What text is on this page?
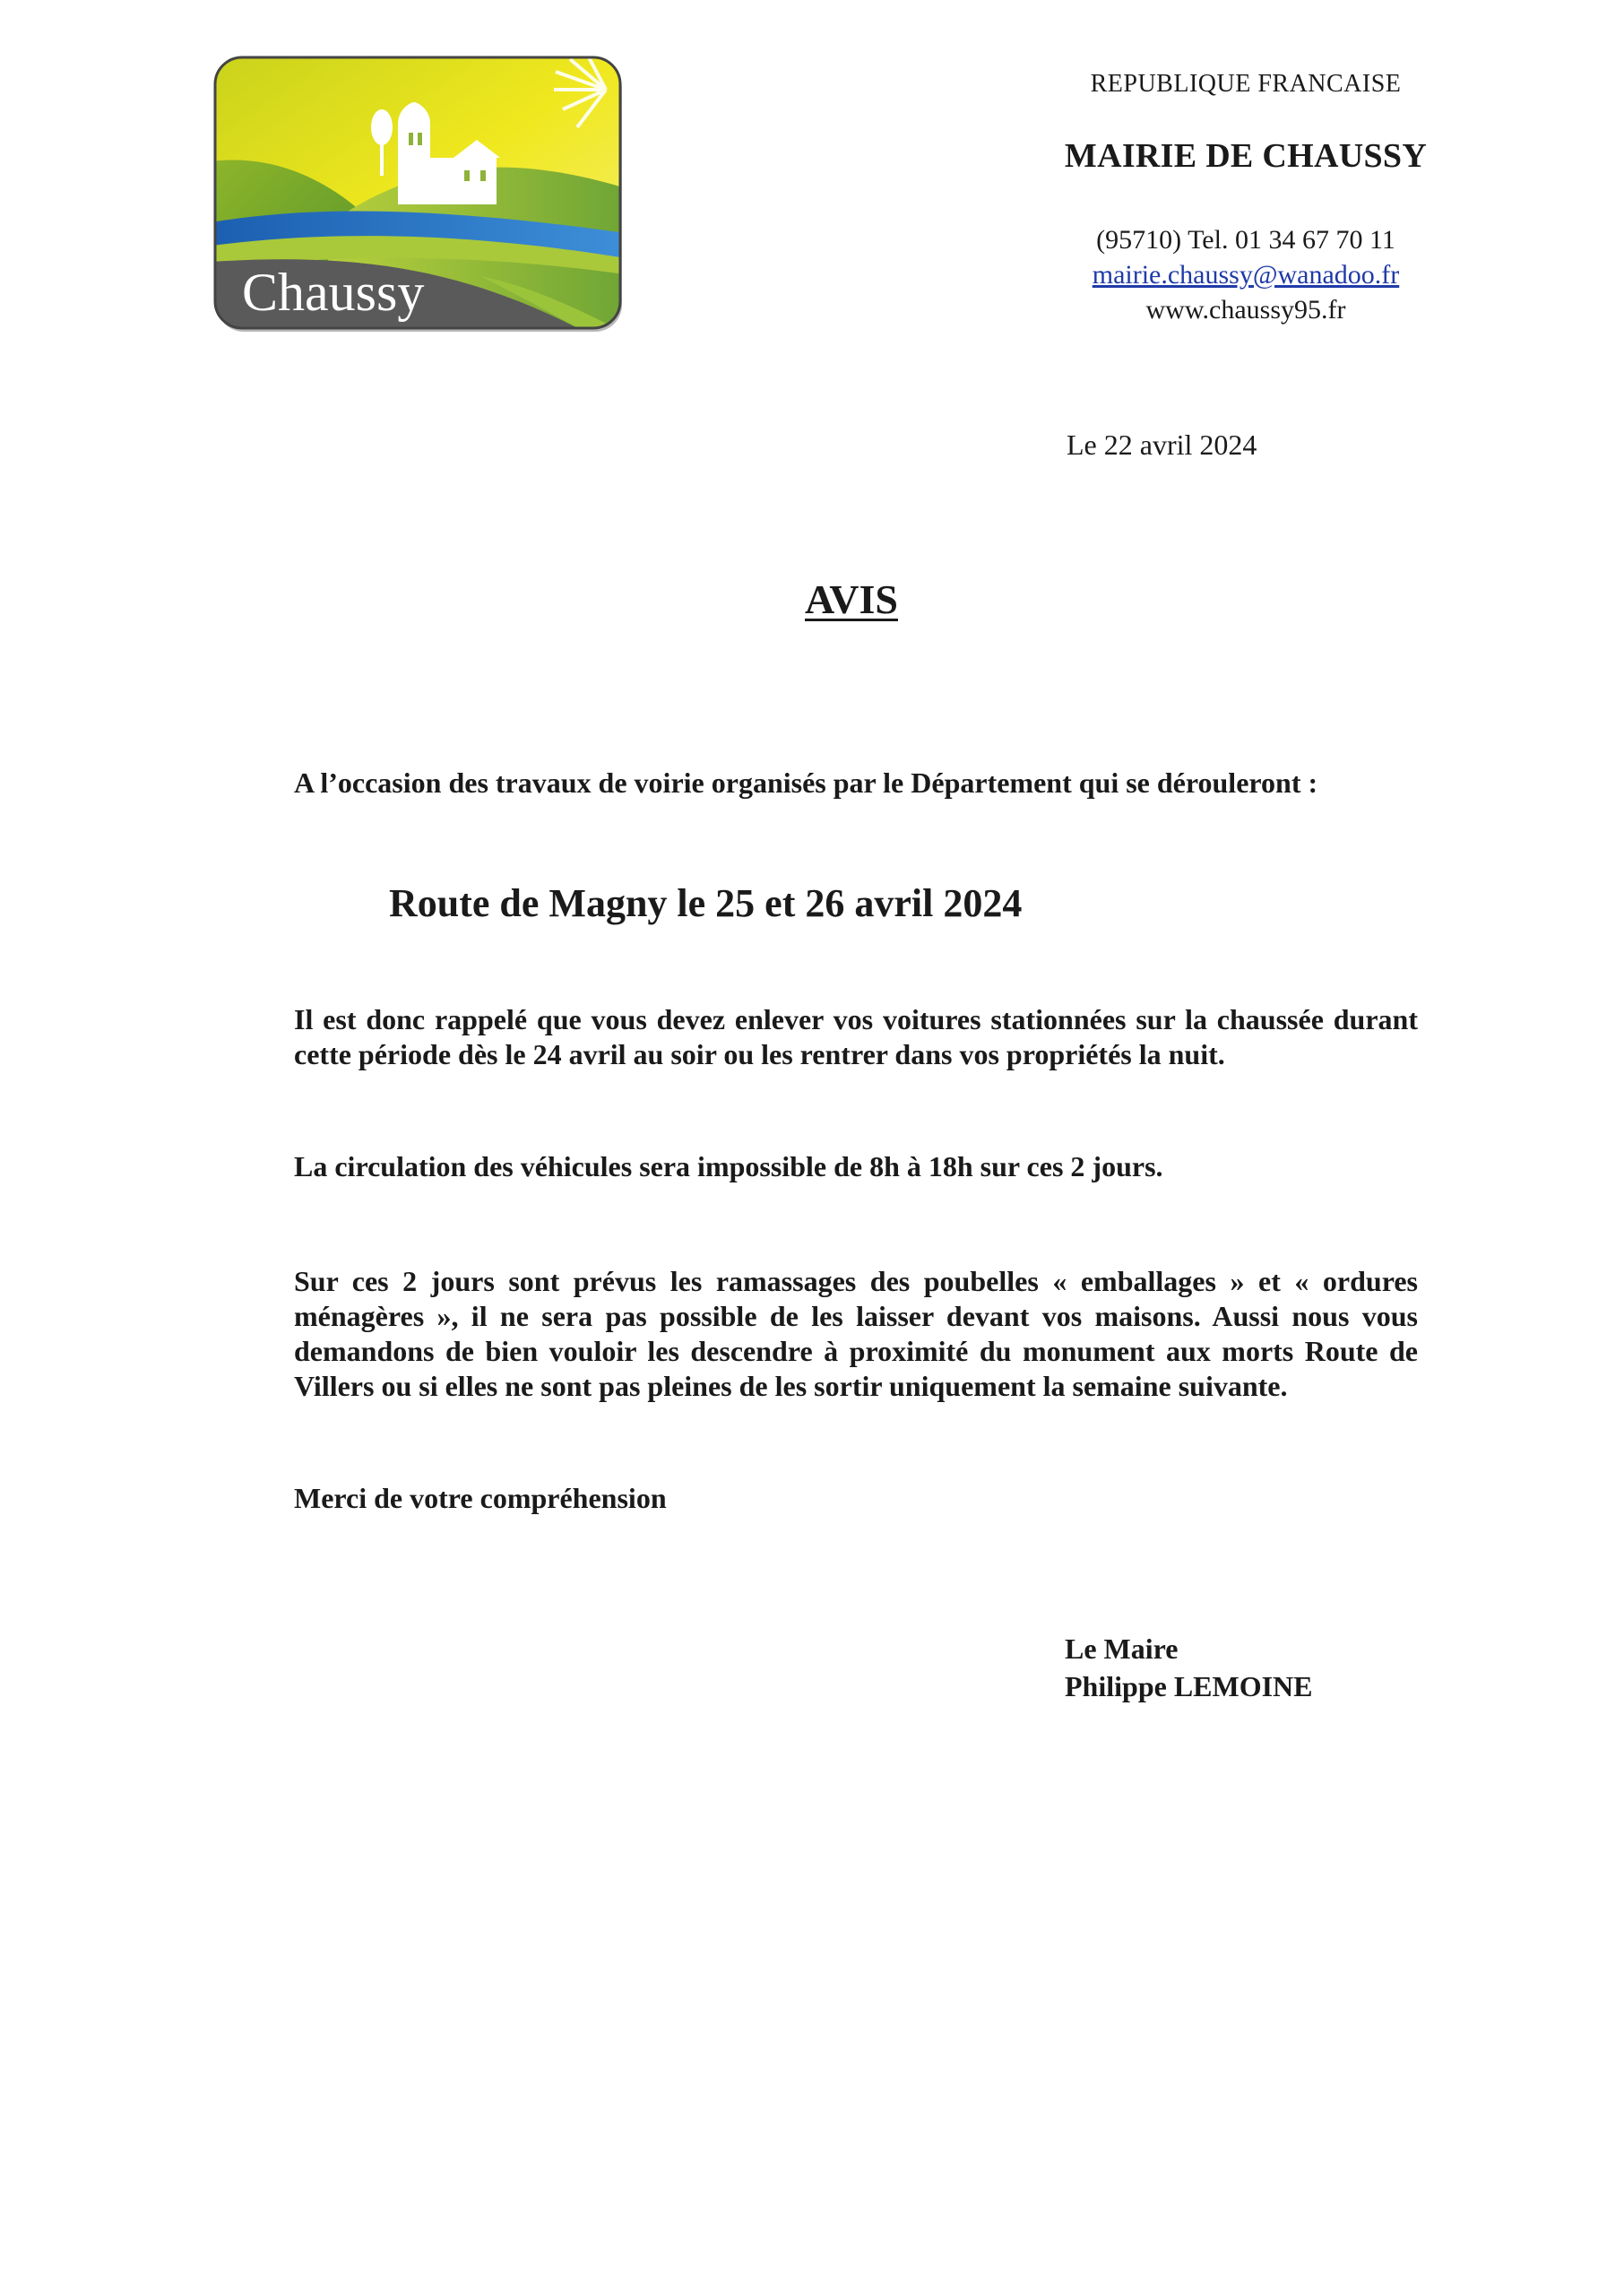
Chaussy

REPUBLIQUE FRANCAISE

MAIRIE DE CHAUSSY

(95710) Tel. 01 34 67 70 11
mairie.chaussy@wanadoo.fr
www.chaussy95.fr
Le 22 avril 2024
AVIS
A l’occasion des travaux de voirie organisés par le Département qui se dérouleront :
Route de Magny le 25 et 26 avril 2024
Il est donc rappelé que vous devez enlever vos voitures stationnées sur la chaussée durant cette période dès le 24 avril au soir ou les rentrer dans vos propriétés la nuit.
La circulation des véhicules sera impossible de 8h à 18h sur ces 2 jours.
Sur ces 2 jours sont prévus les ramassages des poubelles « emballages » et « ordures ménagères », il ne sera pas possible de les laisser devant vos maisons. Aussi nous vous demandons de bien vouloir les descendre à proximité du monument aux morts Route de Villers ou si elles ne sont pas pleines de les sortir uniquement la semaine suivante.
Merci de votre compréhension
Le Maire
Philippe LEMOINE
